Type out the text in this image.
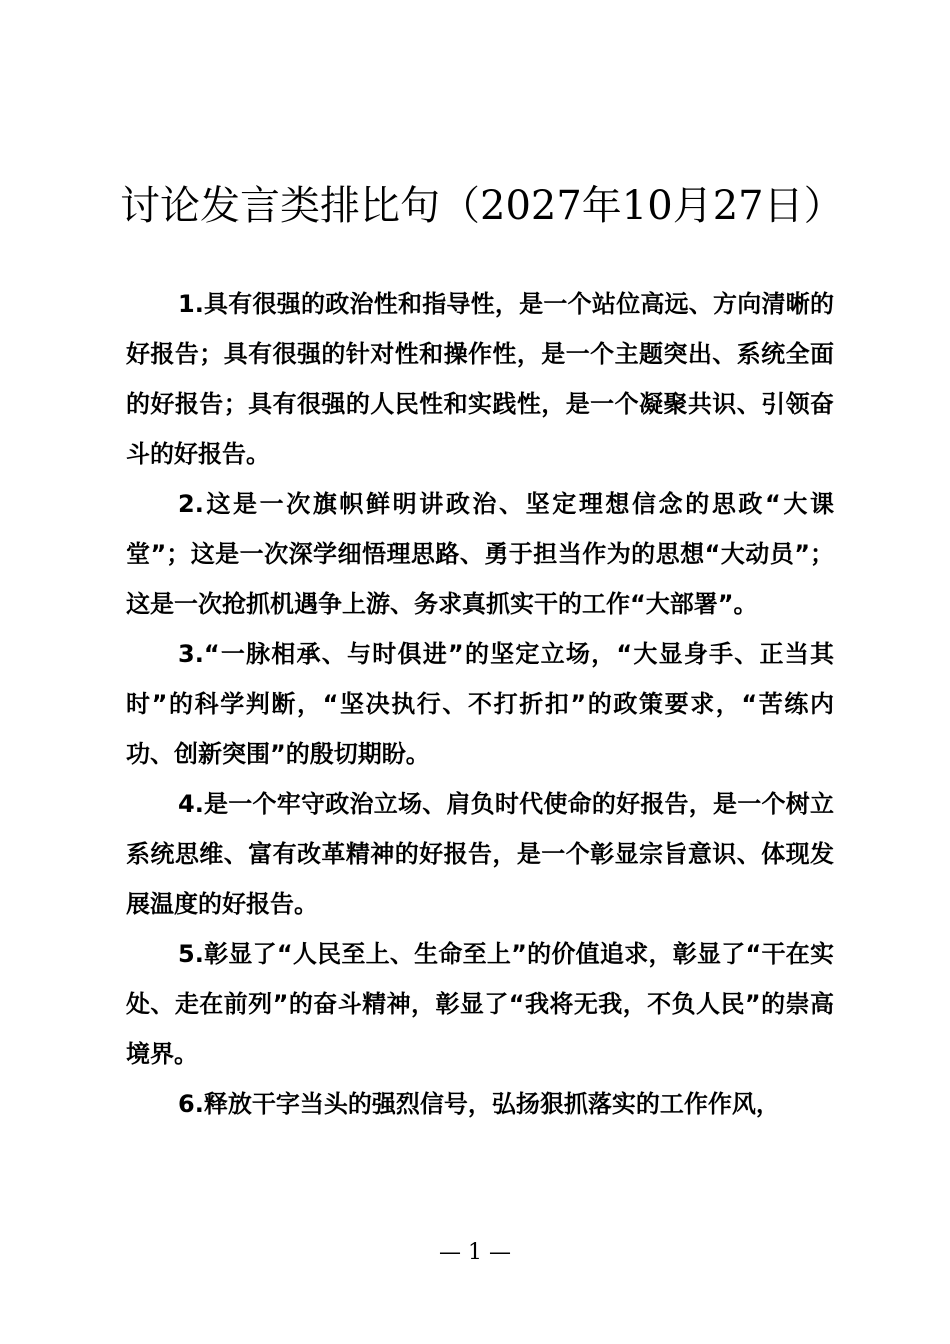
讨论发言类排比句（2027年10月27日）

1.具有很强的政治性和指导性，是一个站位高远、方向清晰的好报告；具有很强的针对性和操作性，是一个主题突出、系统全面的好报告；具有很强的人民性和实践性，是一个凝聚共识、引领奋斗的好报告。

2.这是一次旗帜鲜明讲政治、坚定理想信念的思政“大课堂”；这是一次深学细悟理思路、勇于担当作为的思想“大动员”；这是一次抢抓机遇争上游、务求真抓实干的工作“大部署”。

3.“一脉相承、与时俱进”的坚定立场，“大显身手、正当其时”的科学判断，“坚决执行、不打折扣”的政策要求，“苦练内功、创新突围”的殷切期盼。

4.是一个牢守政治立场、肩负时代使命的好报告，是一个树立系统思维、富有改革精神的好报告，是一个彰显宗旨意识、体现发展温度的好报告。

5.彰显了“人民至上、生命至上”的价值追求，彰显了“干在实处、走在前列”的奋斗精神，彰显了“我将无我，不负人民”的崇高境界。

6.释放干字当头的强烈信号，弘扬狠抓落实的工作作风，

— 1 —
